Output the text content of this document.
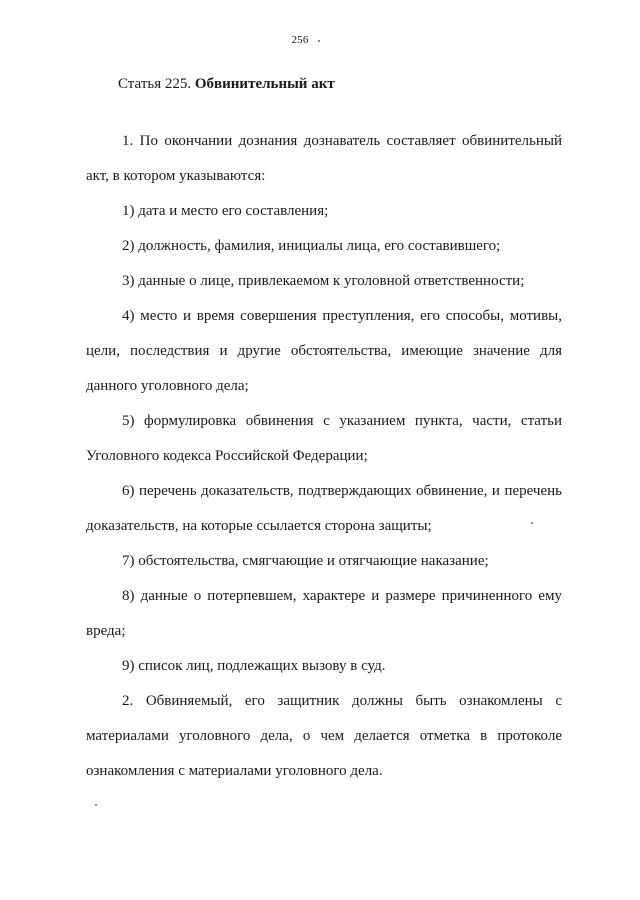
256
Статья 225. Обвинительный акт

1. По окончании дознания дознаватель составляет обвинительный акт, в котором указываются:

1) дата и место его составления;

2) должность, фамилия, инициалы лица, его составившего;

3) данные о лице, привлекаемом к уголовной ответственности;

4) место и время совершения преступления, его способы, мотивы, цели, последствия и другие обстоятельства, имеющие значение для данного уголовного дела;

5) формулировка обвинения с указанием пункта, части, статьи Уголовного кодекса Российской Федерации;

6) перечень доказательств, подтверждающих обвинение, и перечень доказательств, на которые ссылается сторона защиты;

7) обстоятельства, смягчающие и отягчающие наказание;

8) данные о потерпевшем, характере и размере причиненного ему вреда;

9) список лиц, подлежащих вызову в суд.

2. Обвиняемый, его защитник должны быть ознакомлены с материалами уголовного дела, о чем делается отметка в протоколе ознакомления с материалами уголовного дела.
